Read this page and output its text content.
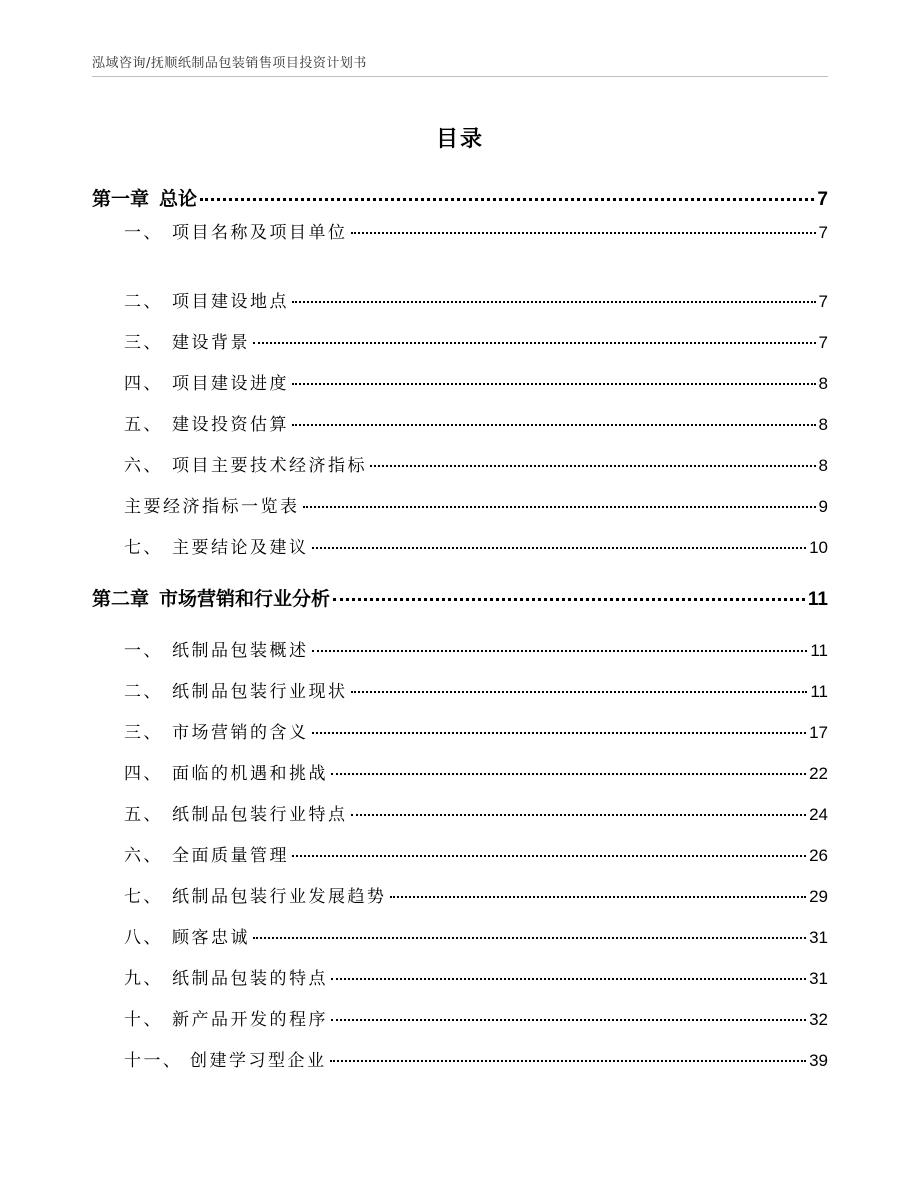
泓域咨询/抚顺纸制品包装销售项目投资计划书
目录
第一章 总论	7
一、 项目名称及项目单位	7
二、 项目建设地点	7
三、 建设背景	7
四、 项目建设进度	8
五、 建设投资估算	8
六、 项目主要技术经济指标	8
主要经济指标一览表	9
七、 主要结论及建议	10
第二章 市场营销和行业分析	11
一、 纸制品包装概述	11
二、 纸制品包装行业现状	11
三、 市场营销的含义	17
四、 面临的机遇和挑战	22
五、 纸制品包装行业特点	24
六、 全面质量管理	26
七、 纸制品包装行业发展趋势	29
八、 顾客忠诚	31
九、 纸制品包装的特点	31
十、 新产品开发的程序	32
十一、 创建学习型企业	39
